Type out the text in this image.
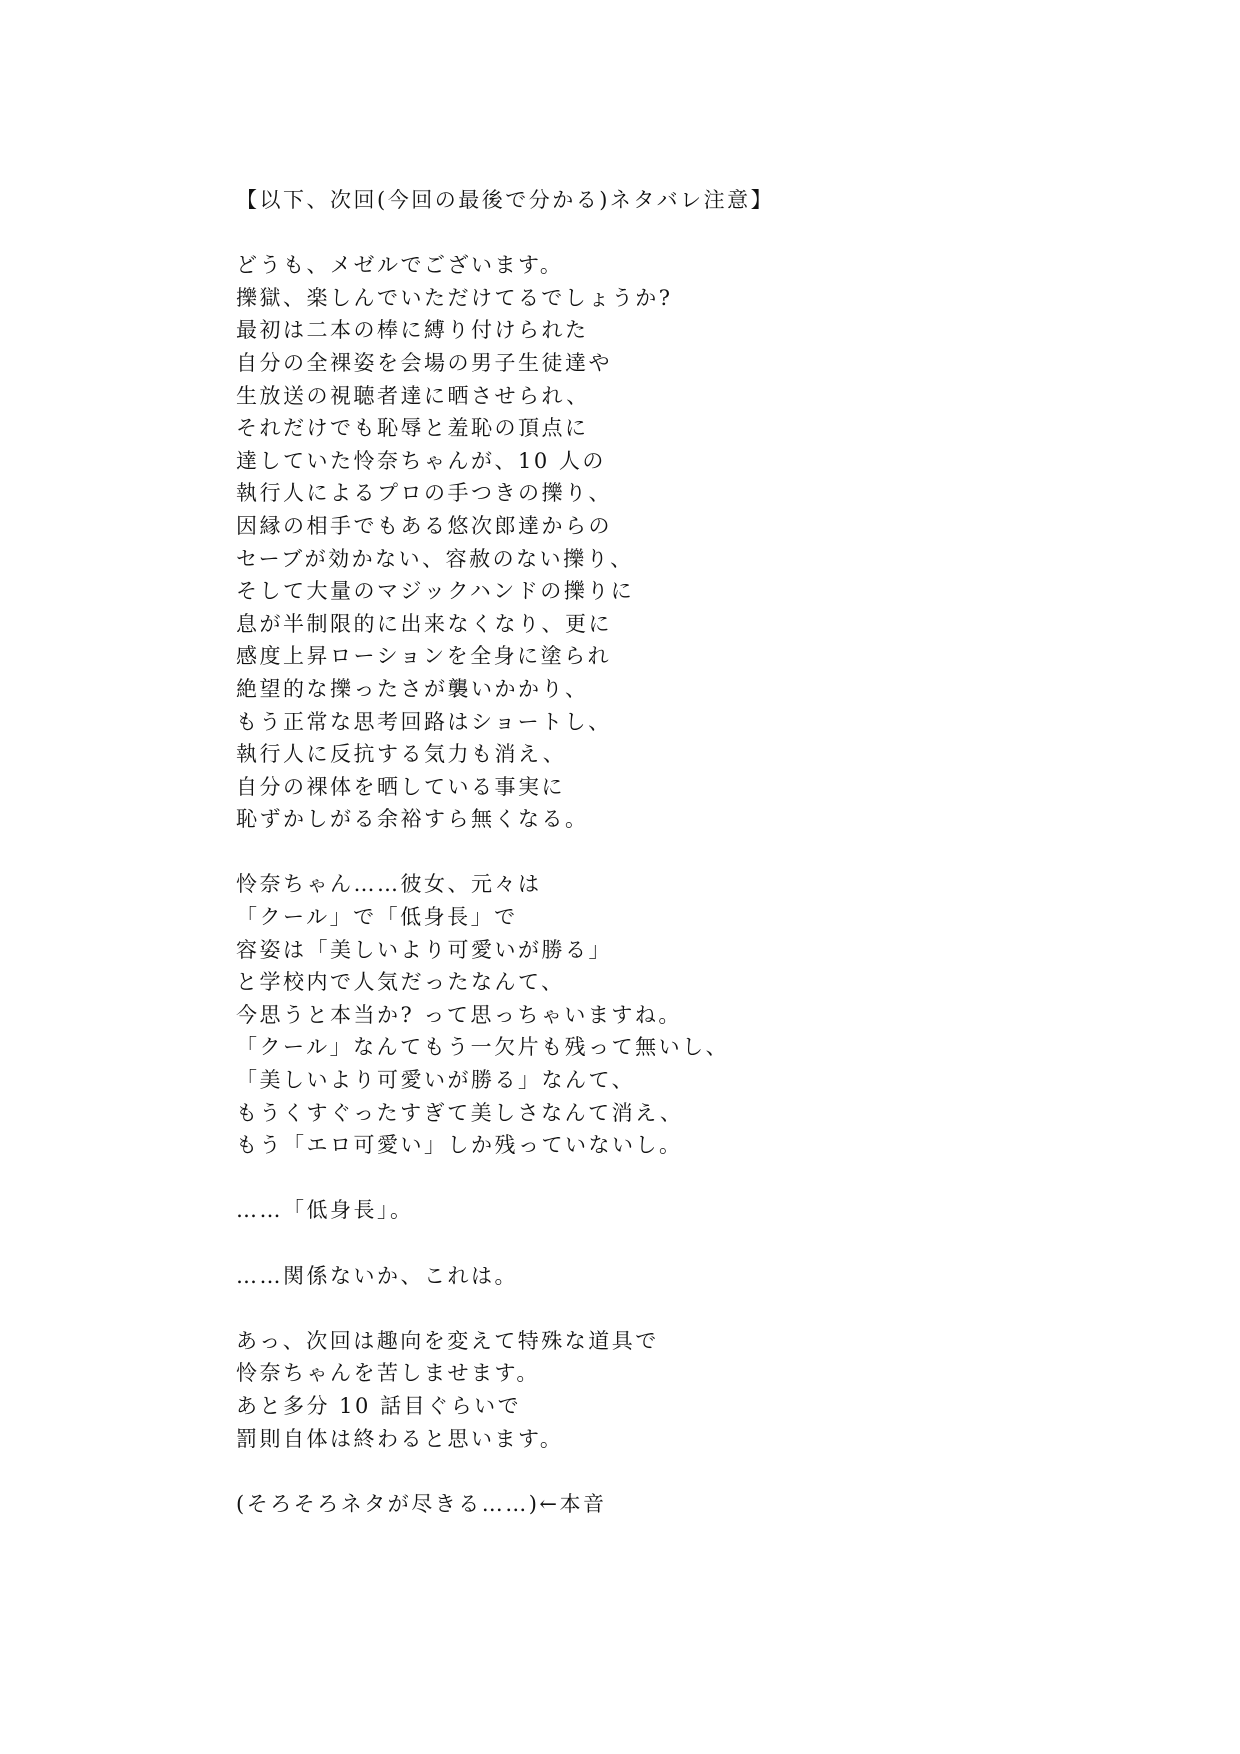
【以下、次回(今回の最後で分かる)ネタバレ注意】
どうも、メゼルでございます。
擽獄、楽しんでいただけてるでしょうか?
最初は二本の棒に縛り付けられた
自分の全裸姿を会場の男子生徒達や
生放送の視聴者達に晒させられ、
それだけでも恥辱と羞恥の頂点に
達していた怜奈ちゃんが、10 人の
執行人によるプロの手つきの擽り、
因縁の相手でもある悠次郎達からの
セーブが効かない、容赦のない擽り、
そして大量のマジックハンドの擽りに
息が半制限的に出来なくなり、更に
感度上昇ローションを全身に塗られ
絶望的な擽ったさが襲いかかり、
もう正常な思考回路はショートし、
執行人に反抗する気力も消え、
自分の裸体を晒している事実に
恥ずかしがる余裕すら無くなる。
怜奈ちゃん……彼女、元々は
「クール」で「低身長」で
容姿は「美しいより可愛いが勝る」
と学校内で人気だったなんて、
今思うと本当か? って思っちゃいますね。
「クール」なんてもう一欠片も残って無いし、
「美しいより可愛いが勝る」なんて、
もうくすぐったすぎて美しさなんて消え、
もう「エロ可愛い」しか残っていないし。
……「低身長」。
……関係ないか、これは。
あっ、次回は趣向を変えて特殊な道具で
怜奈ちゃんを苦しませます。
あと多分 10 話目ぐらいで
罰則自体は終わると思います。
(そろそろネタが尽きる……)←本音
